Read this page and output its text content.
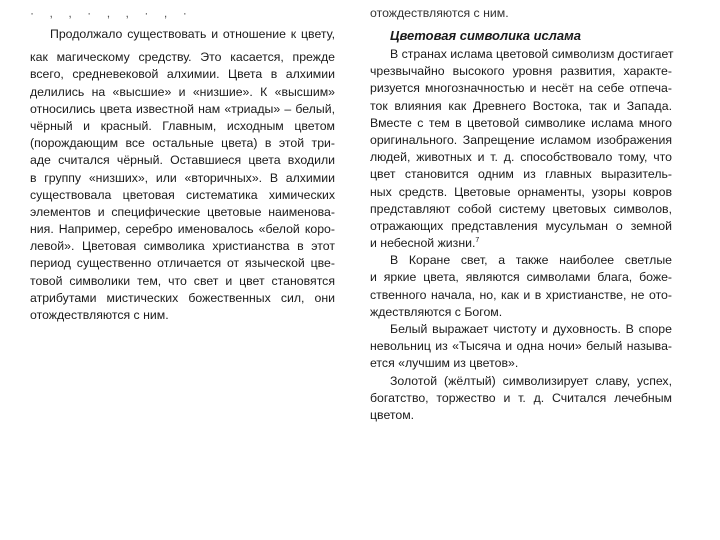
· , , · , , · , ·
Продолжало существовать и отношение к цвету,
как магическому средству. Это касается, прежде
всего, средневековой алхимии. Цвета в алхимии
делились на «высшие» и «низшие». К «высшим»
относились цвета известной нам «триады» – белый,
чёрный и красный. Главным, исходным цветом
(порождающим все остальные цвета) в этой три-
аде считался чёрный. Оставшиеся цвета входили
в группу «низших», или «вторичных». В алхимии
существовала цветовая систематика химических
элементов и специфические цветовые наименова-
ния. Например, серебро именовалось «белой коро-
левой». Цветовая символика христианства в этот
период существенно отличается от языческой цве-
товой символики тем, что свет и цвет становятся
атрибутами мистических божественных сил, они
отождествляются с ним.
отождествляются с ним.
Цветовая символика ислама
В странах ислама цветовой символизм достигает
чрезвычайно высокого уровня развития, характе-
ризуется многозначностью и несёт на себе отпеча-
ток влияния как Древнего Востока, так и Запада.
Вместе с тем в цветовой символике ислама много
оригинального. Запрещение исламом изображения
людей, животных и т. д. способствовало тому, что
цвет становится одним из главных выразитель-
ных средств. Цветовые орнаменты, узоры ковров
представляют собой систему цветовых символов,
отражающих представления мусульман о земной
и небесной жизни.$^7$
В Коране свет, а также наиболее светлые
и яркие цвета, являются символами блага, боже-
ственного начала, но, как и в христианстве, не ото-
ждествляются с Богом.
Белый выражает чистоту и духовность. В споре
невольниц из «Тысяча и одна ночи» белый называ-
ется «лучшим из цветов».
Золотой (жёлтый) символизирует славу, успех,
богатство, торжество и т. д. Считался лечебным
цветом.
